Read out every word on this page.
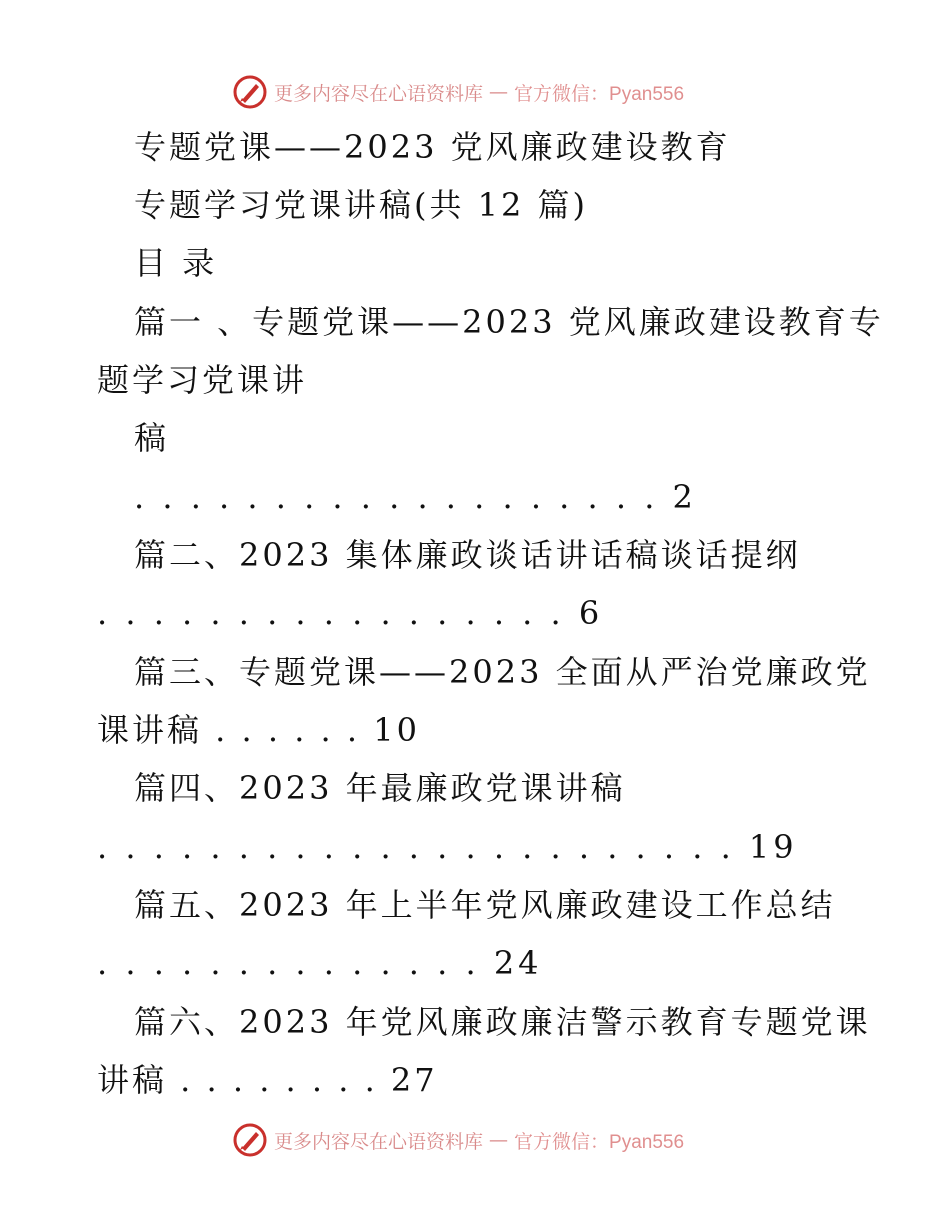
更多内容尽在心语资料库 — 官方微信：Pyan556
专题党课——2023 党风廉政建设教育
专题学习党课讲稿(共 12 篇)
目 录
篇一 、专题党课——2023 党风廉政建设教育专
题学习党课讲
稿
. . . . . . . . . . . . . . . . . . . 2
篇二、2023 集体廉政谈话讲话稿谈话提纲
. . . . . . . . . . . . . . . . . 6
篇三、专题党课——2023 全面从严治党廉政党
课讲稿 . . . . . . 10
篇四、2023 年最廉政党课讲稿
. . . . . . . . . . . . . . . . . . . . . . . 19
篇五、2023 年上半年党风廉政建设工作总结
. . . . . . . . . . . . . . 24
篇六、2023 年党风廉政廉洁警示教育专题党课
讲稿 . . . . . . . . 27
更多内容尽在心语资料库 — 官方微信：Pyan556
